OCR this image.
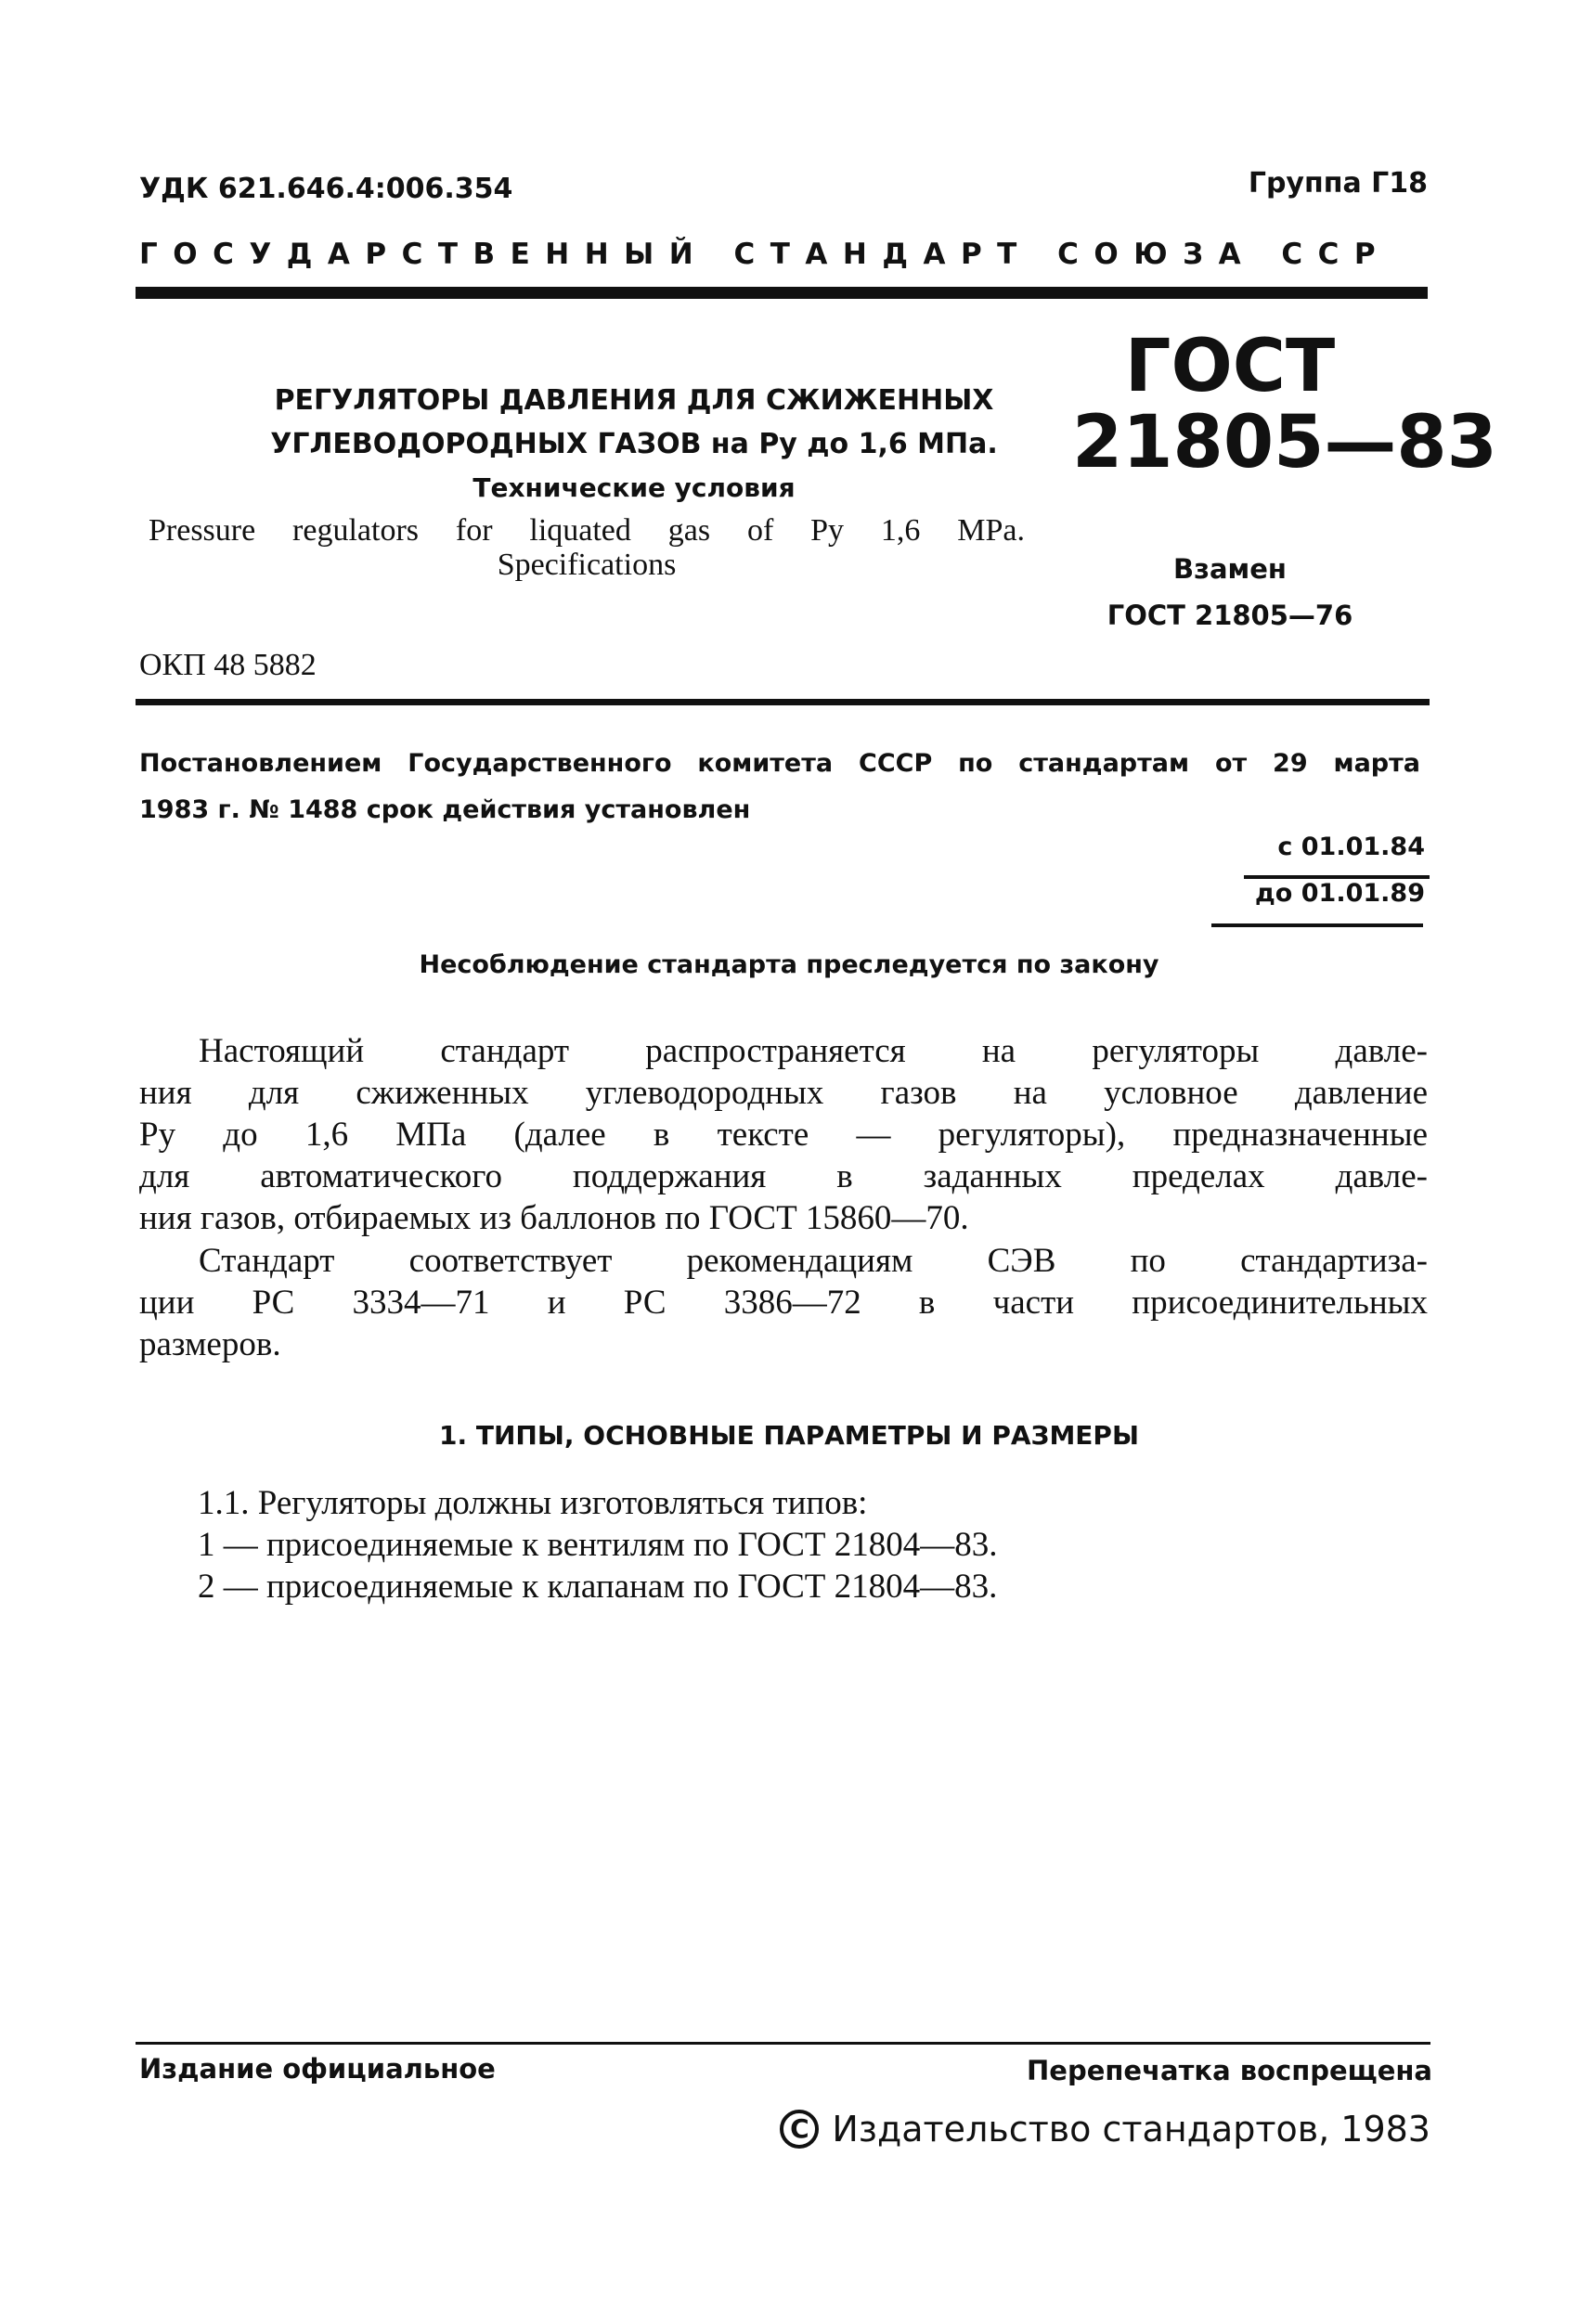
УДК 621.646.4:006.354	Группа Г18
ГОСУДАРСТВЕННЫЙ СТАНДАРТ СОЮЗА ССР
РЕГУЛЯТОРЫ ДАВЛЕНИЯ ДЛЯ СЖИЖЕННЫХ
УГЛЕВОДОРОДНЫХ ГАЗОВ на Pу до 1,6 МПа.
Технические условия
Pressure regulators for liquated gas of Pу 1,6 MPa.
Specifications
ГОСТ
21805—83
Взамен
ГОСТ 21805—76
ОКП 48 5882
Постановлением Государственного комитета СССР по стандартам от 29 марта
1983 г. № 1488 срок действия установлен
с 01.01.84
до 01.01.89
Несоблюдение стандарта преследуется по закону
Настоящий стандарт распространяется на регуляторы давле-
ния для сжиженных углеводородных газов на условное давление
Pу до 1,6 МПа (далее в тексте — регуляторы), предназначенные
для автоматического поддержания в заданных пределах давле-
ния газов, отбираемых из баллонов по ГОСТ 15860—70.
Стандарт соответствует рекомендациям СЭВ по стандартиза-
ции РС 3334—71 и РС 3386—72 в части присоединительных
размеров.
1. ТИПЫ, ОСНОВНЫЕ ПАРАМЕТРЫ И РАЗМЕРЫ
1.1. Регуляторы должны изготовляться типов:
1 — присоединяемые к вентилям по ГОСТ 21804—83.
2 — присоединяемые к клапанам по ГОСТ 21804—83.
Издание официальное	Перепечатка воспрещена
C Издательство стандартов, 1983
